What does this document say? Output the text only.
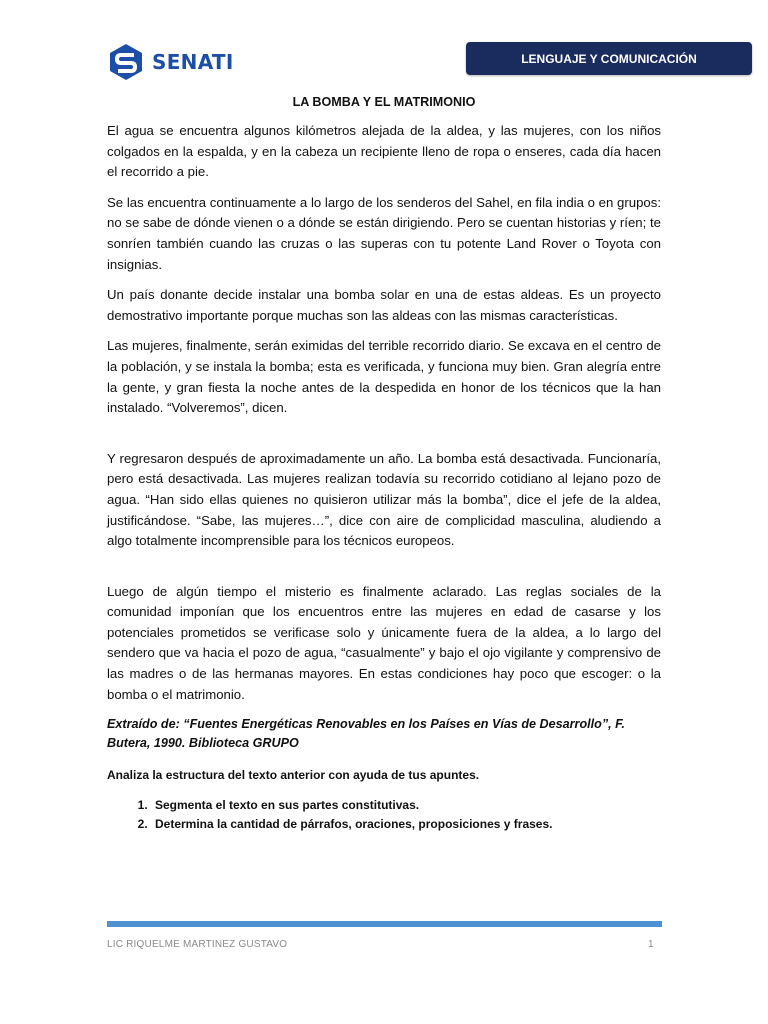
SENATI	LENGUAJE Y COMUNICACIÓN
LA BOMBA Y EL MATRIMONIO

El agua se encuentra algunos kilómetros alejada de la aldea, y las mujeres, con los niños colgados en la espalda, y en la cabeza un recipiente lleno de ropa o enseres, cada día hacen el recorrido a pie.

Se las encuentra continuamente a lo largo de los senderos del Sahel, en fila india o en grupos: no se sabe de dónde vienen o a dónde se están dirigiendo. Pero se cuentan historias y ríen; te sonríen también cuando las cruzas o las superas con tu potente Land Rover o Toyota con insignias.

Un país donante decide instalar una bomba solar en una de estas aldeas. Es un proyecto demostrativo importante porque muchas son las aldeas con las mismas características.

Las mujeres, finalmente, serán eximidas del terrible recorrido diario. Se excava en el centro de la población, y se instala la bomba; esta es verificada, y funciona muy bien. Gran alegría entre la gente, y gran fiesta la noche antes de la despedida en honor de los técnicos que la han instalado. “Volveremos”, dicen.

Y regresaron después de aproximadamente un año. La bomba está desactivada. Funcionaría, pero está desactivada. Las mujeres realizan todavía su recorrido cotidiano al lejano pozo de agua. “Han sido ellas quienes no quisieron utilizar más la bomba”, dice el jefe de la aldea, justificándose. “Sabe, las mujeres…”, dice con aire de complicidad masculina, aludiendo a algo totalmente incomprensible para los técnicos europeos.

Luego de algún tiempo el misterio es finalmente aclarado. Las reglas sociales de la comunidad imponían que los encuentros entre las mujeres en edad de casarse y los potenciales prometidos se verificase solo y únicamente fuera de la aldea, a lo largo del sendero que va hacia el pozo de agua, “casualmente” y bajo el ojo vigilante y comprensivo de las madres o de las hermanas mayores. En estas condiciones hay poco que escoger: o la bomba o el matrimonio.

Extraído de: “Fuentes Energéticas Renovables en los Países en Vías de Desarrollo”, F. Butera, 1990. Biblioteca GRUPO

Analiza la estructura del texto anterior con ayuda de tus apuntes.

1. Segmenta el texto en sus partes constitutivas.
2. Determina la cantidad de párrafos, oraciones, proposiciones y frases.
LIC RIQUELME MARTINEZ GUSTAVO	1
